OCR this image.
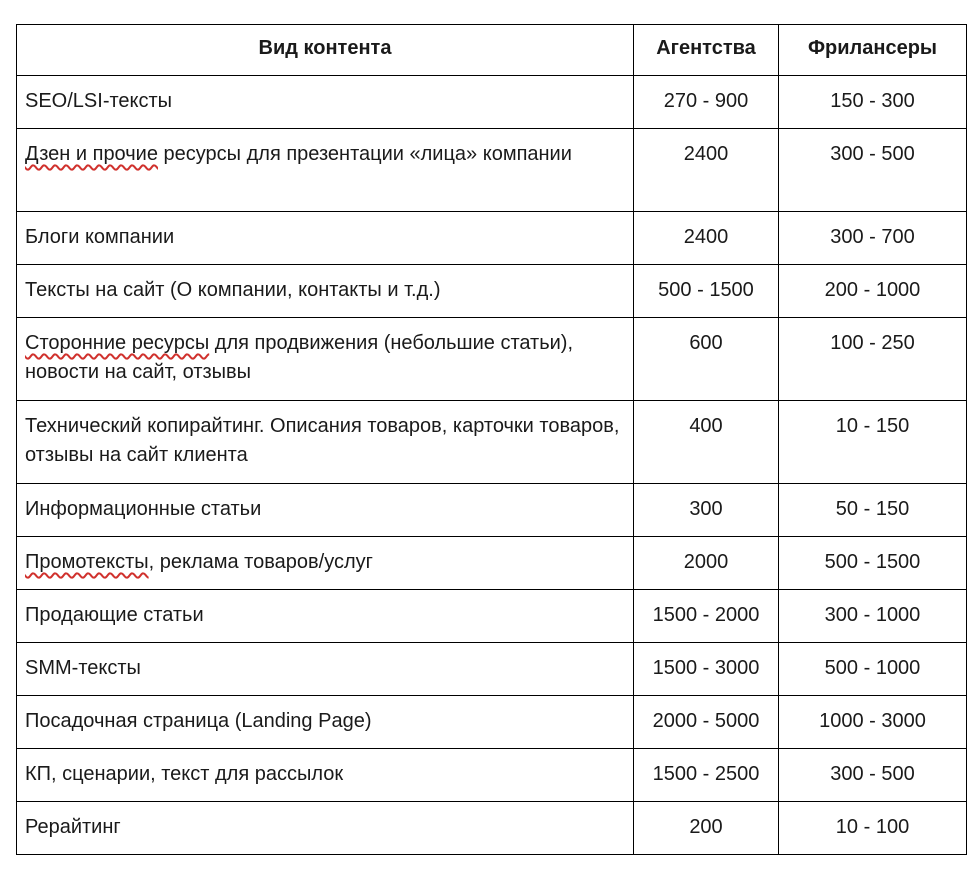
Вид контента	Агентства	Фриланcеры
SEO/LSI-тексты	270 - 900	150 - 300
Дзен и прочие ресурсы для презентации «лица» компании	2400	300 - 500
Блоги компании	2400	300 - 700
Тексты на сайт (О компании, контакты и т.д.)	500 - 1500	200 - 1000
Сторонние ресурсы для продвижения (небольшие статьи), новости на сайт, отзывы	600	100 - 250
Технический копирайтинг. Описания товаров, карточки товаров, отзывы на сайт клиента	400	10 - 150
Информационные статьи	300	50 - 150
Промотексты, реклама товаров/услуг	2000	500 - 1500
Продающие статьи	1500 - 2000	300 - 1000
SMM-тексты	1500 - 3000	500 - 1000
Посадочная страница (Landing Page)	2000 - 5000	1000 - 3000
КП, сценарии, текст для рассылок	1500 - 2500	300 - 500
Рерайтинг	200	10 - 100
